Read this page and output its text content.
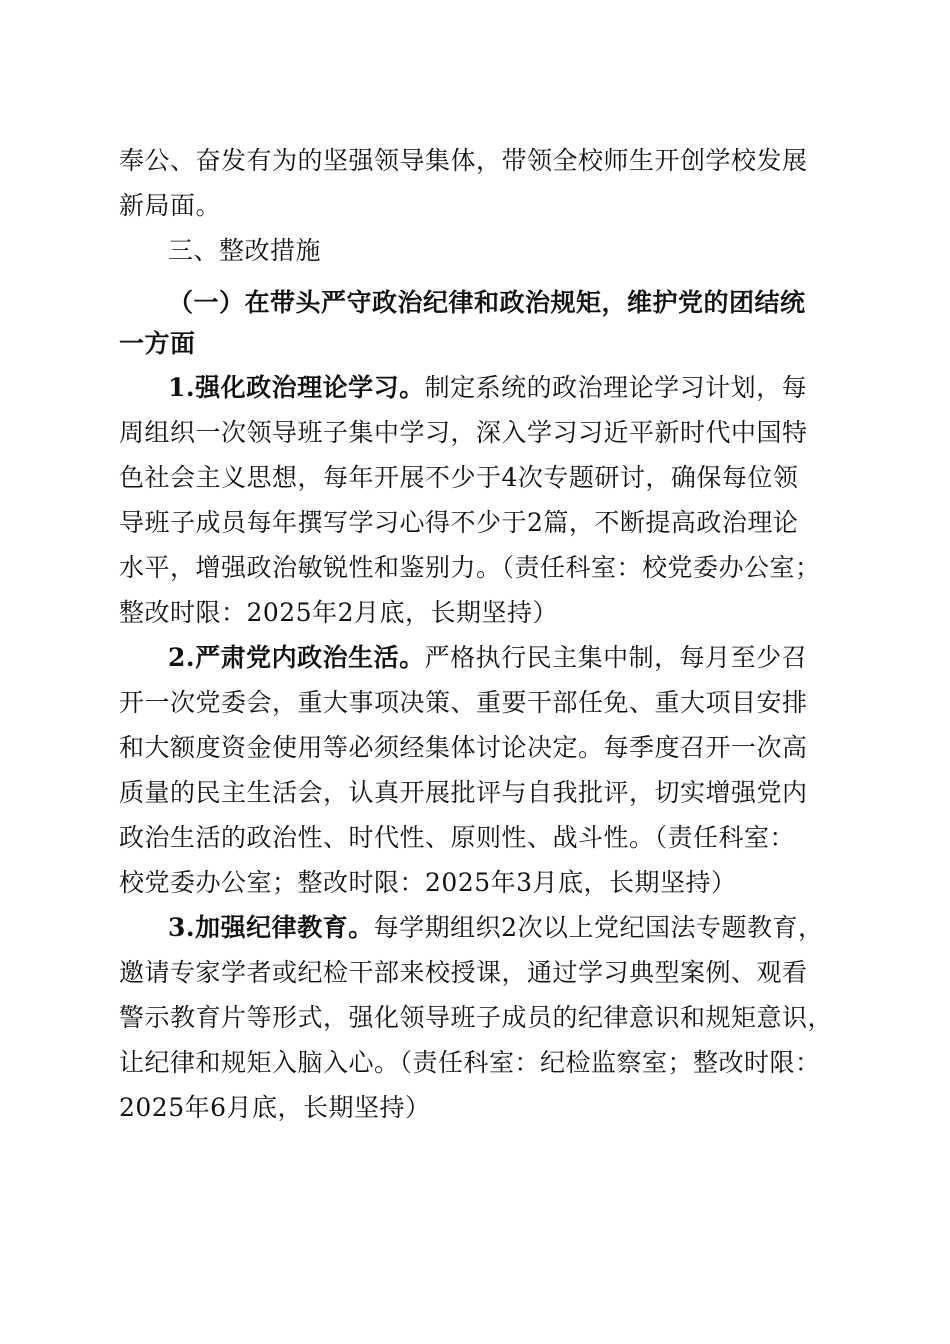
奉公、奋发有为的坚强领导集体，带领全校师生开创学校发展
新局面。
三、整改措施
（一）在带头严守政治纪律和政治规矩，维护党的团结统
一方面
1.强化政治理论学习。制定系统的政治理论学习计划，每
周组织一次领导班子集中学习，深入学习习近平新时代中国特
色社会主义思想，每年开展不少于4次专题研讨，确保每位领
导班子成员每年撰写学习心得不少于2篇，不断提高政治理论
水平，增强政治敏锐性和鉴别力。（责任科室：校党委办公室；
整改时限：2025年2月底，长期坚持）
2.严肃党内政治生活。严格执行民主集中制，每月至少召
开一次党委会，重大事项决策、重要干部任免、重大项目安排
和大额度资金使用等必须经集体讨论决定。每季度召开一次高
质量的民主生活会，认真开展批评与自我批评，切实增强党内
政治生活的政治性、时代性、原则性、战斗性。（责任科室：
校党委办公室；整改时限：2025年3月底，长期坚持）
3.加强纪律教育。每学期组织2次以上党纪国法专题教育，
邀请专家学者或纪检干部来校授课，通过学习典型案例、观看
警示教育片等形式，强化领导班子成员的纪律意识和规矩意识，
让纪律和规矩入脑入心。（责任科室：纪检监察室；整改时限：
2025年6月底，长期坚持）
